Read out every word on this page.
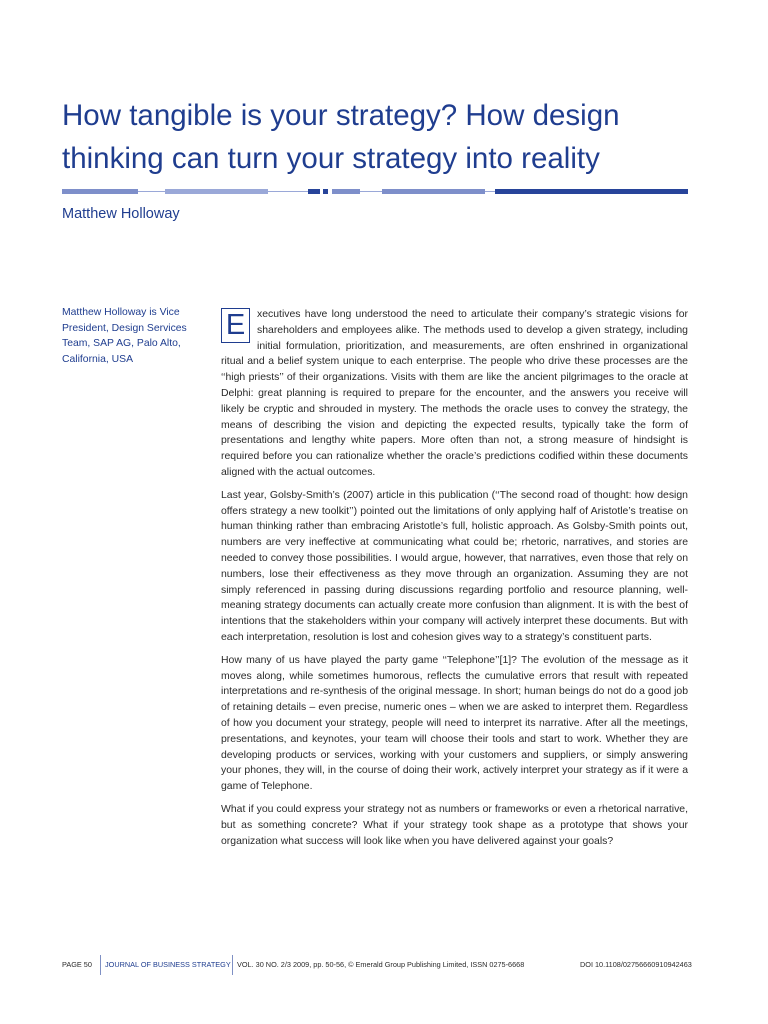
How tangible is your strategy? How design thinking can turn your strategy into reality
Matthew Holloway
Matthew Holloway is Vice President, Design Services Team, SAP AG, Palo Alto, California, USA

E	xecutives have long understood the need to articulate their company’s strategic visions for shareholders and employees alike. The methods used to develop a given strategy, including initial formulation, prioritization, and measurements, are often enshrined in organizational ritual and a belief system unique to each enterprise. The people who drive these processes are the ‘‘high priests’’ of their organizations. Visits with them are like the ancient pilgrimages to the oracle at Delphi: great planning is required to prepare for the encounter, and the answers you receive will likely be cryptic and shrouded in mystery. The methods the oracle uses to convey the strategy, the means of describing the vision and depicting the expected results, typically take the form of presentations and lengthy white papers. More often than not, a strong measure of hindsight is required before you can rationalize whether the oracle’s predictions codified within these documents aligned with the actual outcomes.

Last year, Golsby-Smith’s (2007) article in this publication (‘‘The second road of thought: how design offers strategy a new toolkit’’) pointed out the limitations of only applying half of Aristotle’s treatise on human thinking rather than embracing Aristotle’s full, holistic approach. As Golsby-Smith points out, numbers are very ineffective at communicating what could be; rhetoric, narratives, and stories are needed to convey those possibilities. I would argue, however, that narratives, even those that rely on numbers, lose their effectiveness as they move through an organization. Assuming they are not simply referenced in passing during discussions regarding portfolio and resource planning, well-meaning strategy documents can actually create more confusion than alignment. It is with the best of intentions that the stakeholders within your company will actively interpret these documents. But with each interpretation, resolution is lost and cohesion gives way to a strategy’s constituent parts.

How many of us have played the party game ‘‘Telephone’’[1]? The evolution of the message as it moves along, while sometimes humorous, reflects the cumulative errors that result with repeated interpretations and re-synthesis of the original message. In short; human beings do not do a good job of retaining details – even precise, numeric ones – when we are asked to interpret them. Regardless of how you document your strategy, people will need to interpret its narrative. After all the meetings, presentations, and keynotes, your team will choose their tools and start to work. Whether they are developing products or services, working with your customers and suppliers, or simply answering your phones, they will, in the course of doing their work, actively interpret your strategy as if it were a game of Telephone.

What if you could express your strategy not as numbers or frameworks or even a rhetorical narrative, but as something concrete? What if your strategy took shape as a prototype that shows your organization what success will look like when you have delivered against your goals?

PAGE 50 JOURNAL OF BUSINESS STRATEGY VOL. 30 NO. 2/3 2009, pp. 50-56, © Emerald Group Publishing Limited, ISSN 0275-6668	DOI 10.1108/02756660910942463
